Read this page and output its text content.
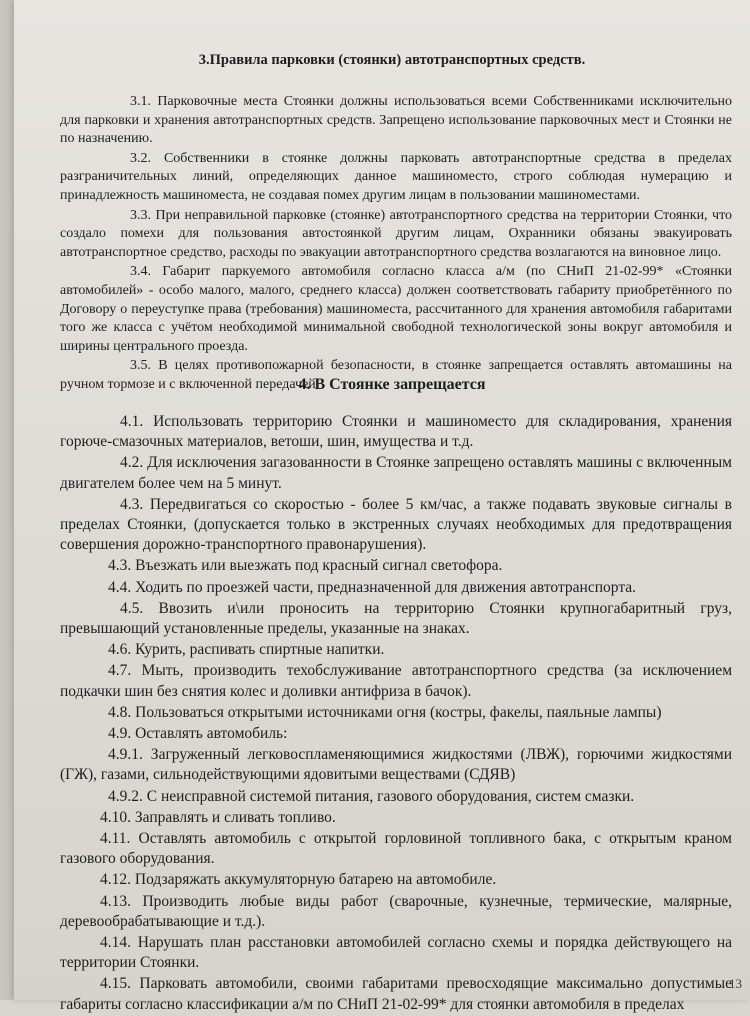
3.Правила парковки (стоянки) автотранспортных средств.

3.1. Парковочные места Стоянки должны использоваться всеми Собственниками исключительно для парковки и хранения автотранспортных средств. Запрещено использование парковочных мест и Стоянки не по назначению.

3.2. Собственники в стоянке должны парковать автотранспортные средства в пределах разграничительных линий, определяющих данное машиноместо, строго соблюдая нумерацию и принадлежность машиноместа, не создавая помех другим лицам в пользовании машиноместами.

3.3. При неправильной парковке (стоянке) автотранспортного средства на территории Стоянки, что создало помехи для пользования автостоянкой другим лицам, Охранники обязаны эвакуировать автотранспортное средство, расходы по эвакуации автотранспортного средства возлагаются на виновное лицо.

3.4. Габарит паркуемого автомобиля согласно класса а/м (по СНиП 21-02-99* «Стоянки автомобилей» - особо малого, малого, среднего класса) должен соответствовать габариту приобретённого по Договору о переуступке права (требования) машиноместа, рассчитанного для хранения автомобиля габаритами того же класса с учётом необходимой минимальной свободной технологической зоны вокруг автомобиля и ширины центрального проезда.

3.5. В целях противопожарной безопасности, в стоянке запрещается оставлять автомашины на ручном тормозе и с включенной передачей.

4. В Стоянке запрещается

4.1. Использовать территорию Стоянки и машиноместо для складирования, хранения горюче-смазочных материалов, ветоши, шин, имущества и т.д.

4.2. Для исключения загазованности в Стоянке запрещено оставлять машины с включенным двигателем более чем на 5 минут.

4.3. Передвигаться со скоростью - более 5 км/час, а также подавать звуковые сигналы в пределах Стоянки, (допускается только в экстренных случаях необходимых для предотвращения совершения дорожно-транспортного правонарушения).

4.3. Въезжать или выезжать под красный сигнал светофора.

4.4. Ходить по проезжей части, предназначенной для движения автотранспорта.

4.5. Ввозить и\или проносить на территорию Стоянки крупногабаритный груз, превышающий установленные пределы, указанные на знаках.

4.6. Курить, распивать спиртные напитки.

4.7. Мыть, производить техобслуживание автотранспортного средства (за исключением подкачки шин без снятия колес и доливки антифриза в бачок).

4.8. Пользоваться открытыми источниками огня (костры, факелы, паяльные лампы)

4.9. Оставлять автомобиль:

4.9.1. Загруженный легковоспламеняющимися жидкостями (ЛВЖ), горючими жидкостями (ГЖ), газами, сильнодействующими ядовитыми веществами (СДЯВ)

4.9.2. С неисправной системой питания, газового оборудования, систем смазки.

4.10. Заправлять и сливать топливо.

4.11. Оставлять автомобиль с открытой горловиной топливного бака, с открытым краном газового оборудования.

4.12. Подзаряжать аккумуляторную батарею на автомобиле.

4.13. Производить любые виды работ (сварочные, кузнечные, термические, малярные, деревообрабатывающие и т.д.).

4.14. Нарушать план расстановки автомобилей согласно схемы и порядка действующего на территории Стоянки.

4.15. Парковать автомобили, своими габаритами превосходящие максимально допустимые габариты согласно классификации а/м по СНиП 21-02-99* для стоянки автомобиля в пределах

13
